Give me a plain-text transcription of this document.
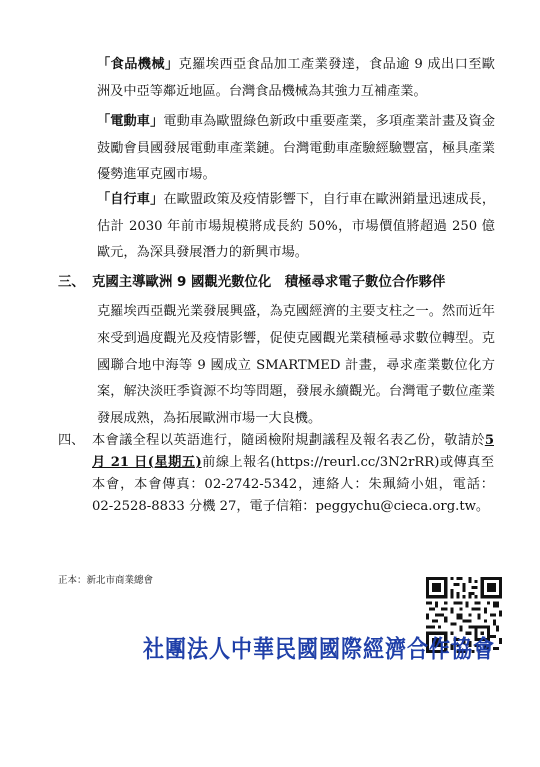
「食品機械」克羅埃西亞食品加工產業發達，食品逾 9 成出口至歐洲及中亞等鄰近地區。台灣食品機械為其強力互補產業。
「電動車」電動車為歐盟綠色新政中重要產業，多項產業計畫及資金鼓勵會員國發展電動車產業鏈。台灣電動車產驗經驗豐富，極具產業優勢進軍克國市場。
「自行車」在歐盟政策及疫情影響下，自行車在歐洲銷量迅速成長，估計 2030 年前市場規模將成長約 50%，市場價值將超過 250 億歐元，為深具發展潛力的新興市場。
三、 克國主導歐洲 9 國觀光數位化　積極尋求電子數位合作夥伴
克羅埃西亞觀光業發展興盛，為克國經濟的主要支柱之一。然而近年來受到過度觀光及疫情影響，促使克國觀光業積極尋求數位轉型。克國聯合地中海等 9 國成立 SMARTMED 計畫，尋求產業數位化方案，解決淡旺季資源不均等問題，發展永續觀光。台灣電子數位產業發展成熟，為拓展歐洲市場一大良機。
四、 本會議全程以英語進行，隨函檢附規劃議程及報名表乙份，敬請於5 月 21 日(星期五)前線上報名(https://reurl.cc/3N2rRR)或傳真至本會，本會傳真：02-2742-5342，連絡人：朱珮綺小姐，電話：02-2528-8833 分機 27，電子信箱：peggychu@cieca.org.tw。
正本：新北市商業總會
社團法人中華民國國際經濟合作協會
